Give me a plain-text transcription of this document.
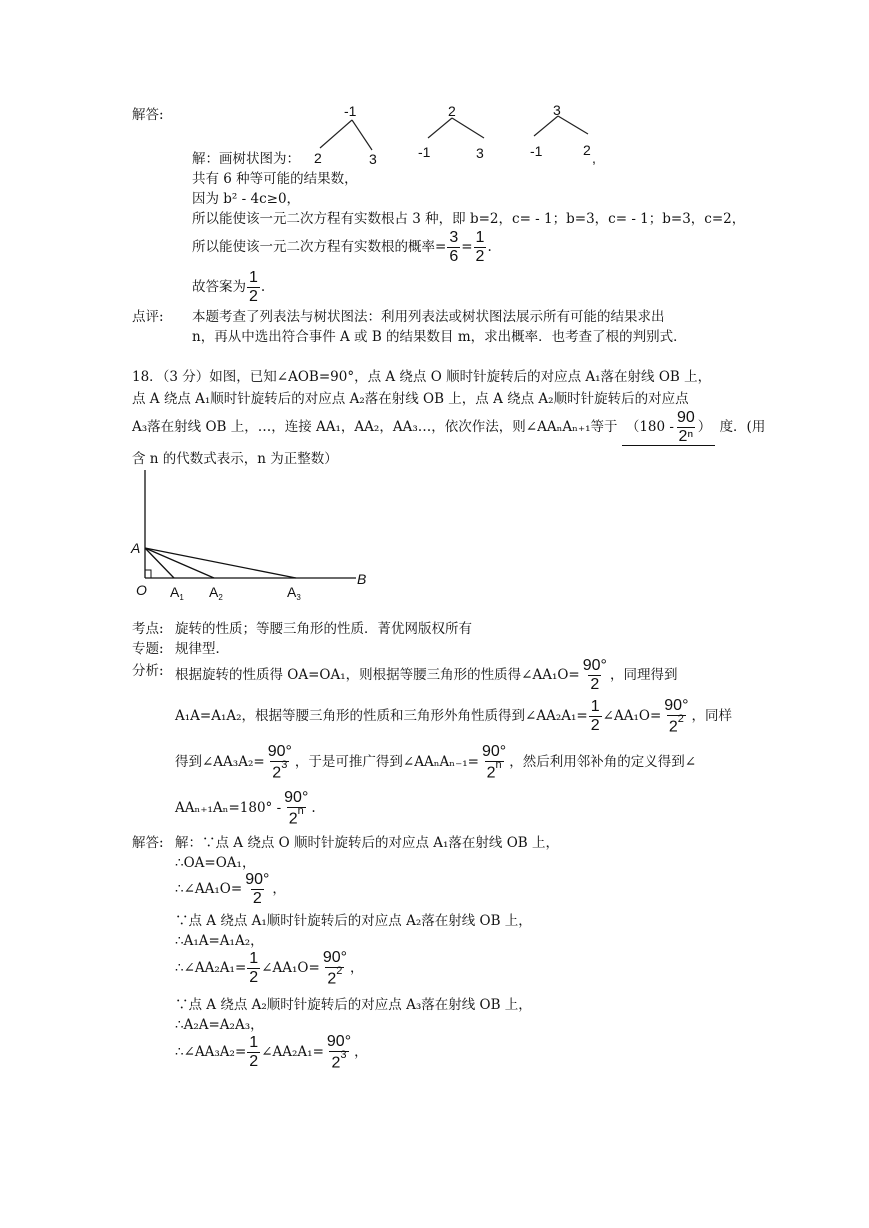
解答:	-1
2	3
2
-1	3
3
-1	2 ,
解：画树状图为：
共有 6 种等可能的结果数，
因为 b² - 4c≥0，
所以能使该一元二次方程有实数根占 3 种，即 b=2，c= - 1；b=3，c= - 1；b=3，c=2，
所以能使该一元二次方程有实数根的概率= $\frac{3}{6} = \frac{1}{2}$ .
故答案为 $\frac{1}{2}$ .
点评: 本题考查了列表法与树状图法：利用列表法或树状图法展示所有可能的结果求出
n，再从中选出符合事件 A 或 B 的结果数目 m，求出概率．也考查了根的判别式．
18．（3 分）如图，已知∠AOB=90°，点 A 绕点 O 顺时针旋转后的对应点 A₁落在射线 OB 上，
点 A 绕点 A₁顺时针旋转后的对应点 A₂落在射线 OB 上，点 A 绕点 A₂顺时针旋转后的对应点
A₃落在射线 OB 上，…，连接 AA₁，AA₂，AA₃…，依次作法，则∠AAₙAₙ₊₁等于 （$180 - \frac{90}{\text{2ⁿ}}$ ） 度．(用
含 n 的代数式表示，n 为正整数）
A
O
B
$A_1$ $A_2$	$A_3$
考点: 旋转的性质；等腰三角形的性质．菁优网版权所有
专题: 规律型．
分析: 根据旋转的性质得 OA=OA₁，则根据等腰三角形的性质得∠AA₁O= $\frac{90^\circ}{2}$ ，同理得到
A₁A=A₁A₂，根据等腰三角形的性质和三角形外角性质得到∠AA₂A₁= $\frac{1}{2}$ ∠AA₁O= $\frac{90^\circ}{2^2}$ ，同样
得到∠AA₃A₂= $\frac{90^\circ}{2^3}$ ，于是可推广得到∠AAₙAₙ₋₁= $\frac{90^\circ}{2^n}$ ，然后利用邻补角的定义得到∠
$AA_{n+1}A_n=180^\circ - \frac{90^\circ}{2^n}$ .
解答: 解：∵点 A 绕点 O 顺时针旋转后的对应点 A₁落在射线 OB 上，
∴OA=OA₁，
∴∠AA₁O= $\frac{90^\circ}{2}$ ，
∵点 A 绕点 A₁顺时针旋转后的对应点 A₂落在射线 OB 上，
∴A₁A=A₁A₂，
∴∠AA₂A₁= $\frac{1}{2}$ ∠AA₁O= $\frac{90^\circ}{2^2}$ ，
∵点 A 绕点 A₂顺时针旋转后的对应点 A₃落在射线 OB 上，
∴A₂A=A₂A₃，
∴∠AA₃A₂= $\frac{1}{2}$ ∠AA₂A₁= $\frac{90^\circ}{2^3}$ ，
